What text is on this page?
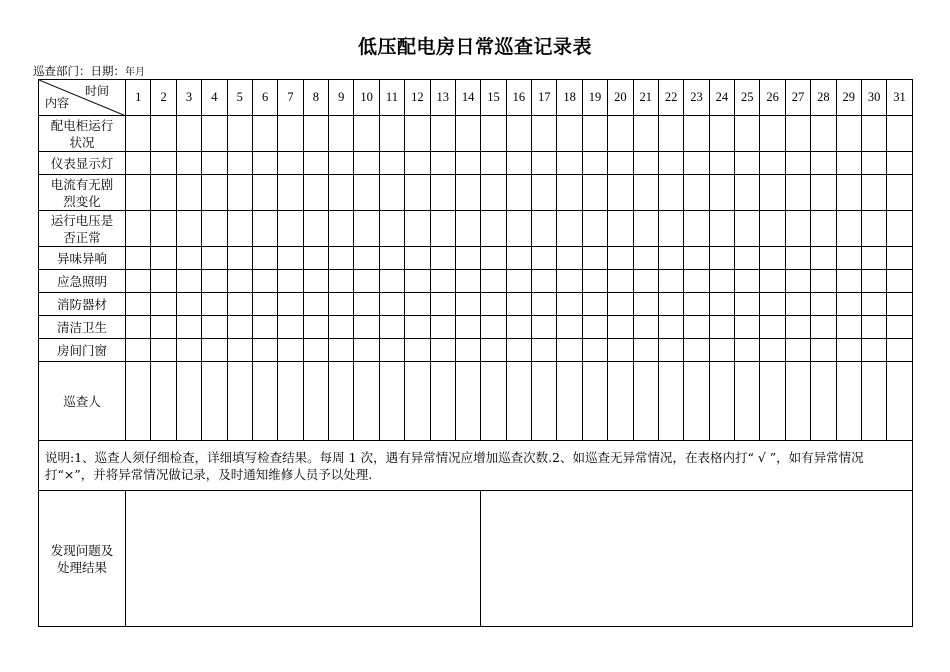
低压配电房日常巡查记录表
巡查部门：日期：年月
时间
内容	1	2	3	4	5	6	7	8	9	10	11	12	13	14	15	16	17	18	19	20	21	22	23	24	25	26	27	28	29	30	31

配电柜运行
状况																															

仪表显示灯																															

电流有无剧
烈变化																															

运行电压是
否正常																															

异味异响																															

应急照明																															

消防器材																															

清洁卫生																															

房间门窗																															

巡查人																															
说明:1、巡查人须仔细检查，详细填写检查结果。每周 1 次，遇有异常情况应增加巡查次数.2、如巡查无异常情况，在表格内打“ √ ”，如有异常情况打“×”，并将异常情况做记录，及时通知维修人员予以处理.																															

发现问题及
处理结果																															
